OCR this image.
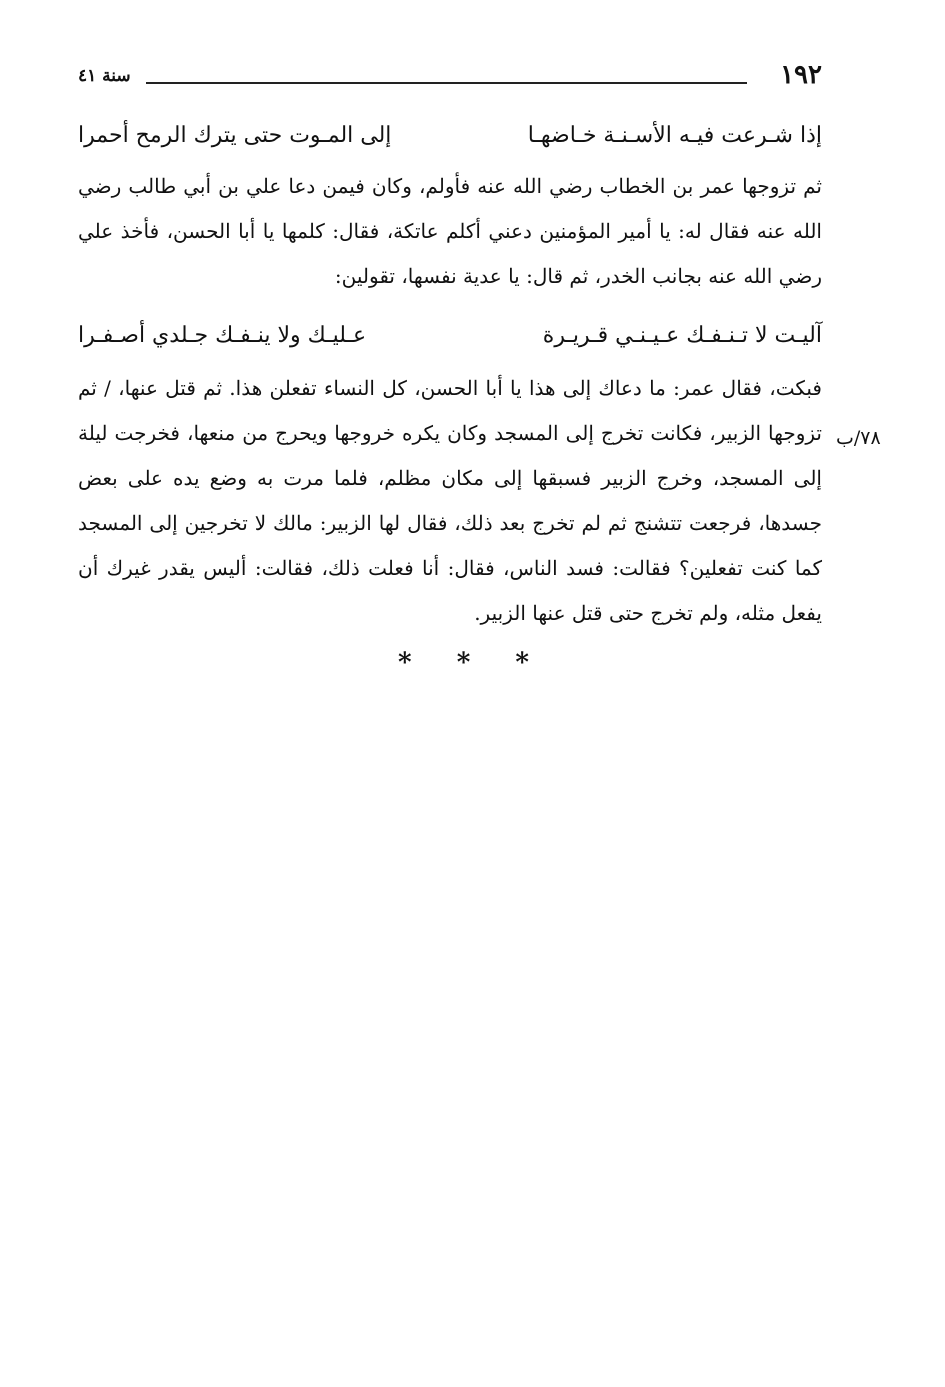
١٩٢
سنة ٤١
إذا شـرعت فيـه الأسـنـة خـاضهـا
إلى المـوت حتى يترك الرمح أحمرا

ثم تزوجها عمر بن الخطاب رضي الله عنه فأولم، وكان فيمن دعا علي بن أبي طالب رضي الله عنه فقال له: يا أمير المؤمنين دعني أكلم عاتكة، فقال: كلمها يا أبا الحسن، فأخذ علي رضي الله عنه بجانب الخدر، ثم قال: يا عدية نفسها، تقولين:

آليـت لا تـنـفـك عـيـنـي قـريـرة
عـليـك ولا ينـفـك جـلدي أصـفـرا

فبكت، فقال عمر: ما دعاك إلى هذا يا أبا الحسن، كل النساء تفعلن هذا. ثم قتل عنها، / ثم تزوجها الزبير، فكانت تخرج إلى المسجد وكان يكره خروجها ويحرج من منعها، فخرجت ليلة إلى المسجد، وخرج الزبير فسبقها إلى مكان مظلم، فلما مرت به وضع يده على بعض جسدها، فرجعت تتشنج ثم لم تخرج بعد ذلك، فقال لها الزبير: مالك لا تخرجين إلى المسجد كما كنت تفعلين؟ فقالت: فسد الناس، فقال: أنا فعلت ذلك، فقالت: أليس يقدر غيرك أن يفعل مثله، ولم تخرج حتى قتل عنها الزبير.

٧٨/ب
* * *
